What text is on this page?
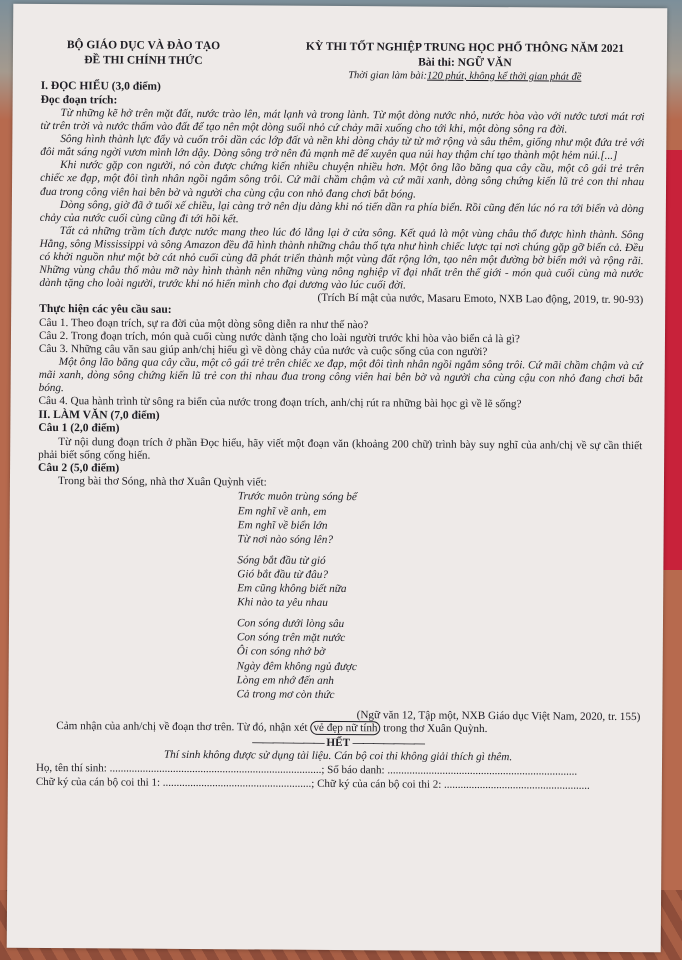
BỘ GIÁO DỤC VÀ ĐÀO TẠO
ĐỀ THI CHÍNH THỨC
KỲ THI TỐT NGHIỆP TRUNG HỌC PHỔ THÔNG NĂM 2021
Bài thi: NGỮ VĂN
Thời gian làm bài:120 phút, không kể thời gian phát đề
I. ĐỌC HIỂU (3,0 điểm)
Đọc đoạn trích:

Từ những kẽ hở trên mặt đất, nước trào lên, mát lạnh và trong lành. Từ một dòng nước nhỏ, nước hòa vào với nước tươi mát rơi từ trên trời và nước thấm vào đất để tạo nên một dòng suối nhỏ cứ chảy mãi xuống cho tới khi, một dòng sông ra đời.

Sông hình thành lực đẩy và cuốn trôi dần các lớp đất và nền khi dòng chảy từ từ mở rộng và sâu thêm, giống như một đứa trẻ với đôi mắt sáng ngời vươn mình lớn dậy. Dòng sông trở nên đủ mạnh mẽ để xuyên qua núi hay thậm chí tạo thành một hẻm núi.[...]

Khi nước gặp con người, nó còn được chứng kiến nhiều chuyện nhiều hơn. Một ông lão băng qua cây cầu, một cô gái trẻ trên chiếc xe đạp, một đôi tình nhân ngồi ngắm sông trôi. Cứ mãi chầm chậm và cứ mãi xanh, dòng sông chứng kiến lũ trẻ con thi nhau đua trong công viên hai bên bờ và người cha cùng cậu con nhỏ đang chơi bắt bóng.

Dòng sông, giờ đã ở tuổi xế chiều, lại càng trở nên dịu dàng khi nó tiến dần ra phía biển. Rồi cũng đến lúc nó ra tới biển và dòng chảy của nước cuối cùng cũng đi tới hồi kết.

Tất cả những trầm tích được nước mang theo lúc đó lắng lại ở cửa sông. Kết quả là một vùng châu thổ được hình thành. Sông Hằng, sông Mississippi và sông Amazon đều đã hình thành những châu thổ tựa như hình chiếc lược tại nơi chúng gặp gỡ biển cả. Đều có khởi nguồn như một bờ cát nhỏ cuối cùng đã phát triển thành một vùng đất rộng lớn, tạo nên một đường bờ biển mới và rộng rãi. Những vùng châu thổ màu mỡ này hình thành nên những vùng nông nghiệp vĩ đại nhất trên thế giới - món quà cuối cùng mà nước dành tặng cho loài người, trước khi nó hiến mình cho đại dương vào lúc cuối đời.

(Trích Bí mật của nước, Masaru Emoto, NXB Lao động, 2019, tr. 90-93)

Thực hiện các yêu cầu sau:

Câu 1. Theo đoạn trích, sự ra đời của một dòng sông diễn ra như thế nào?

Câu 2. Trong đoạn trích, món quà cuối cùng nước dành tặng cho loài người trước khi hòa vào biển cả là gì?

Câu 3. Những câu văn sau giúp anh/chị hiểu gì về dòng chảy của nước và cuộc sống của con người?

Một ông lão băng qua cây cầu, một cô gái trẻ trên chiếc xe đạp, một đôi tình nhân ngồi ngắm sông trôi. Cứ mãi chầm chậm và cứ mãi xanh, dòng sông chứng kiến lũ trẻ con thi nhau đua trong công viên hai bên bờ và người cha cùng cậu con nhỏ đang chơi bắt bóng.

Câu 4. Qua hành trình từ sông ra biển của nước trong đoạn trích, anh/chị rút ra những bài học gì về lẽ sống?

II. LÀM VĂN (7,0 điểm)
Câu 1 (2,0 điểm)

Từ nội dung đoạn trích ở phần Đọc hiểu, hãy viết một đoạn văn (khoảng 200 chữ) trình bày suy nghĩ của anh/chị về sự cần thiết phải biết sống cống hiến.

Câu 2 (5,0 điểm)

Trong bài thơ Sóng, nhà thơ Xuân Quỳnh viết:

Trước muôn trùng sóng bể
Em nghĩ về anh, em
Em nghĩ về biển lớn
Từ nơi nào sóng lên?
Sóng bắt đầu từ gió
Gió bắt đầu từ đâu?
Em cũng không biết nữa
Khi nào ta yêu nhau
Con sóng dưới lòng sâu
Con sóng trên mặt nước
Ôi con sóng nhớ bờ
Ngày đêm không ngủ được
Lòng em nhớ đến anh
Cả trong mơ còn thức

(Ngữ văn 12, Tập một, NXB Giáo dục Việt Nam, 2020, tr. 155)

Cảm nhận của anh/chị về đoạn thơ trên. Từ đó, nhận xét vẻ đẹp nữ tính trong thơ Xuân Quỳnh.

——————— HẾT ———————

Thí sinh không được sử dụng tài liệu. Cán bộ coi thi không giải thích gì thêm.

Họ, tên thí sinh: .............................................................................; Số báo danh: .....................................................................
Chữ ký của cán bộ coi thi 1: ......................................................; Chữ ký của cán bộ coi thi 2: .....................................................
